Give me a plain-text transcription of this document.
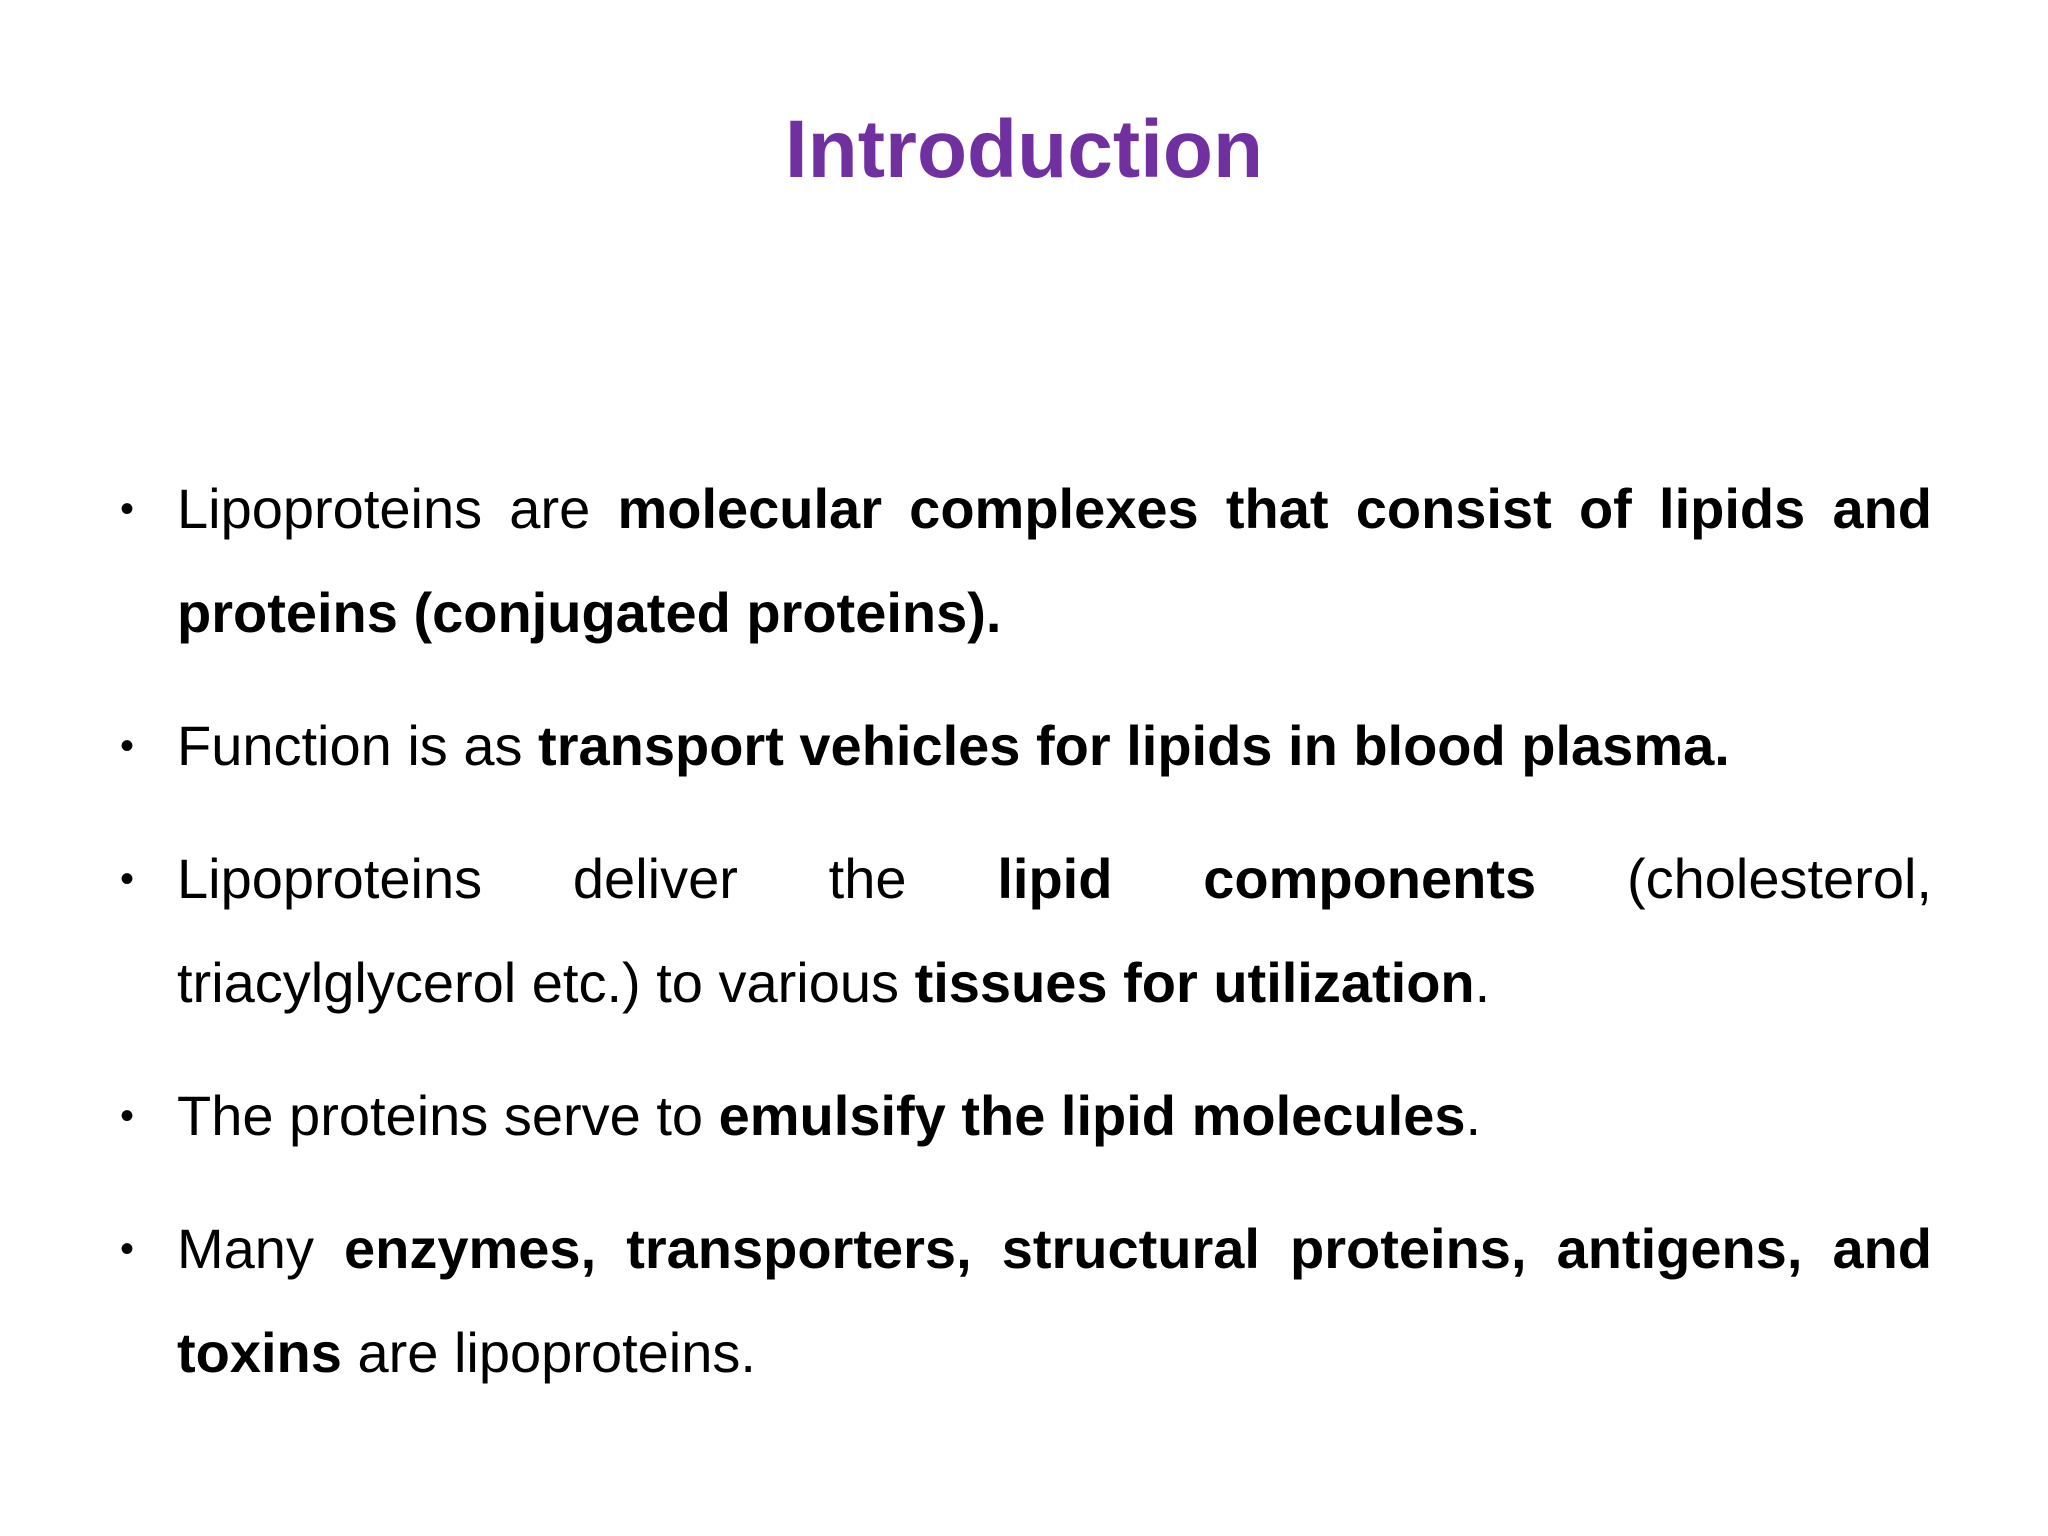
Introduction
• Lipoproteins are molecular complexes that consist of lipids and proteins (conjugated proteins).
• Function is as transport vehicles for lipids in blood plasma.
• Lipoproteins deliver the lipid components (cholesterol,
triacylglycerol etc.) to various tissues for utilization.
• The proteins serve to emulsify the lipid molecules.
• Many enzymes, transporters, structural proteins, antigens, and toxins are lipoproteins.
